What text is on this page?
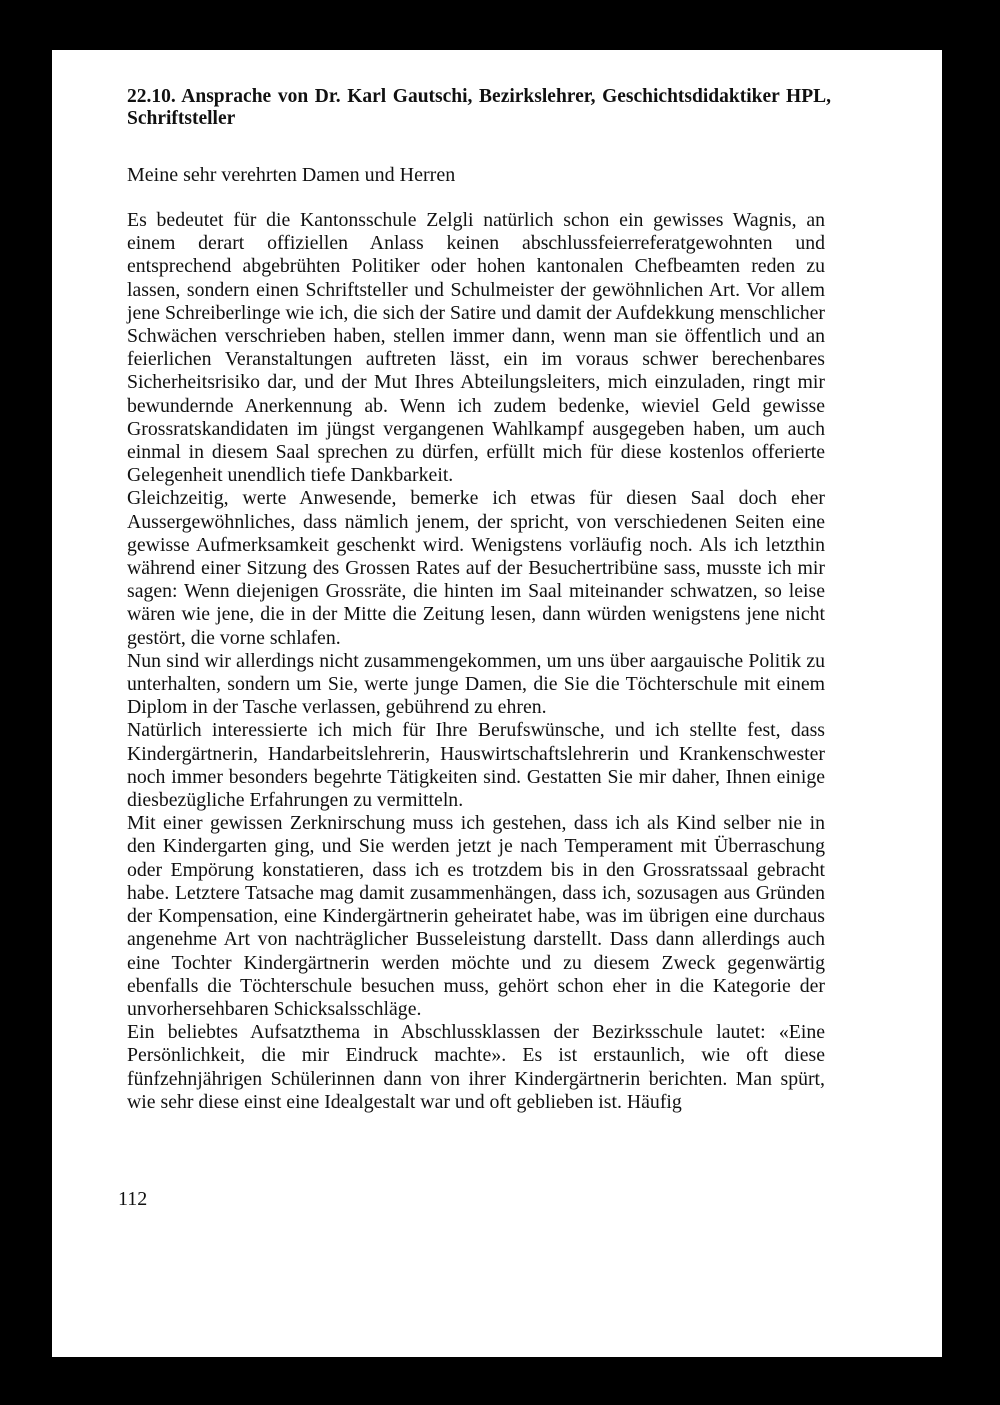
22.10. Ansprache von Dr. Karl Gautschi, Bezirkslehrer, Geschichtsdidaktiker HPL, Schriftsteller

Meine sehr verehrten Damen und Herren

Es bedeutet für die Kantonsschule Zelgli natürlich schon ein gewisses Wagnis, an einem derart offiziellen Anlass keinen abschlussfeierreferatgewohnten und entsprechend abgebrühten Politiker oder hohen kantonalen Chefbeamten reden zu lassen, sondern einen Schriftsteller und Schulmeister der gewöhnlichen Art. Vor allem jene Schreiberlinge wie ich, die sich der Satire und damit der Aufdekkung menschlicher Schwächen verschrieben haben, stellen immer dann, wenn man sie öffentlich und an feierlichen Veranstaltungen auftreten lässt, ein im voraus schwer berechenbares Sicherheitsrisiko dar, und der Mut Ihres Abteilungsleiters, mich einzuladen, ringt mir bewundernde Anerkennung ab. Wenn ich zudem bedenke, wieviel Geld gewisse Grossratskandidaten im jüngst vergangenen Wahlkampf ausgegeben haben, um auch einmal in diesem Saal sprechen zu dürfen, erfüllt mich für diese kostenlos offerierte Gelegenheit unendlich tiefe Dankbarkeit.

Gleichzeitig, werte Anwesende, bemerke ich etwas für diesen Saal doch eher Aussergewöhnliches, dass nämlich jenem, der spricht, von verschiedenen Seiten eine gewisse Aufmerksamkeit geschenkt wird. Wenigstens vorläufig noch. Als ich letzthin während einer Sitzung des Grossen Rates auf der Besuchertribüne sass, musste ich mir sagen: Wenn diejenigen Grossräte, die hinten im Saal miteinander schwatzen, so leise wären wie jene, die in der Mitte die Zeitung lesen, dann würden wenigstens jene nicht gestört, die vorne schlafen.

Nun sind wir allerdings nicht zusammengekommen, um uns über aargauische Politik zu unterhalten, sondern um Sie, werte junge Damen, die Sie die Töchterschule mit einem Diplom in der Tasche verlassen, gebührend zu ehren.

Natürlich interessierte ich mich für Ihre Berufswünsche, und ich stellte fest, dass Kindergärtnerin, Handarbeitslehrerin, Hauswirtschaftslehrerin und Krankenschwester noch immer besonders begehrte Tätigkeiten sind. Gestatten Sie mir daher, Ihnen einige diesbezügliche Erfahrungen zu vermitteln.

Mit einer gewissen Zerknirschung muss ich gestehen, dass ich als Kind selber nie in den Kindergarten ging, und Sie werden jetzt je nach Temperament mit Überraschung oder Empörung konstatieren, dass ich es trotzdem bis in den Grossratssaal gebracht habe. Letztere Tatsache mag damit zusammenhängen, dass ich, sozusagen aus Gründen der Kompensation, eine Kindergärtnerin geheiratet habe, was im übrigen eine durchaus angenehme Art von nachträglicher Busseleistung darstellt. Dass dann allerdings auch eine Tochter Kindergärtnerin werden möchte und zu diesem Zweck gegenwärtig ebenfalls die Töchterschule besuchen muss, gehört schon eher in die Kategorie der unvorhersehbaren Schicksalsschläge.

Ein beliebtes Aufsatzthema in Abschlussklassen der Bezirksschule lautet: «Eine Persönlichkeit, die mir Eindruck machte». Es ist erstaunlich, wie oft diese fünfzehnjährigen Schülerinnen dann von ihrer Kindergärtnerin berichten. Man spürt, wie sehr diese einst eine Idealgestalt war und oft geblieben ist. Häufig

112
